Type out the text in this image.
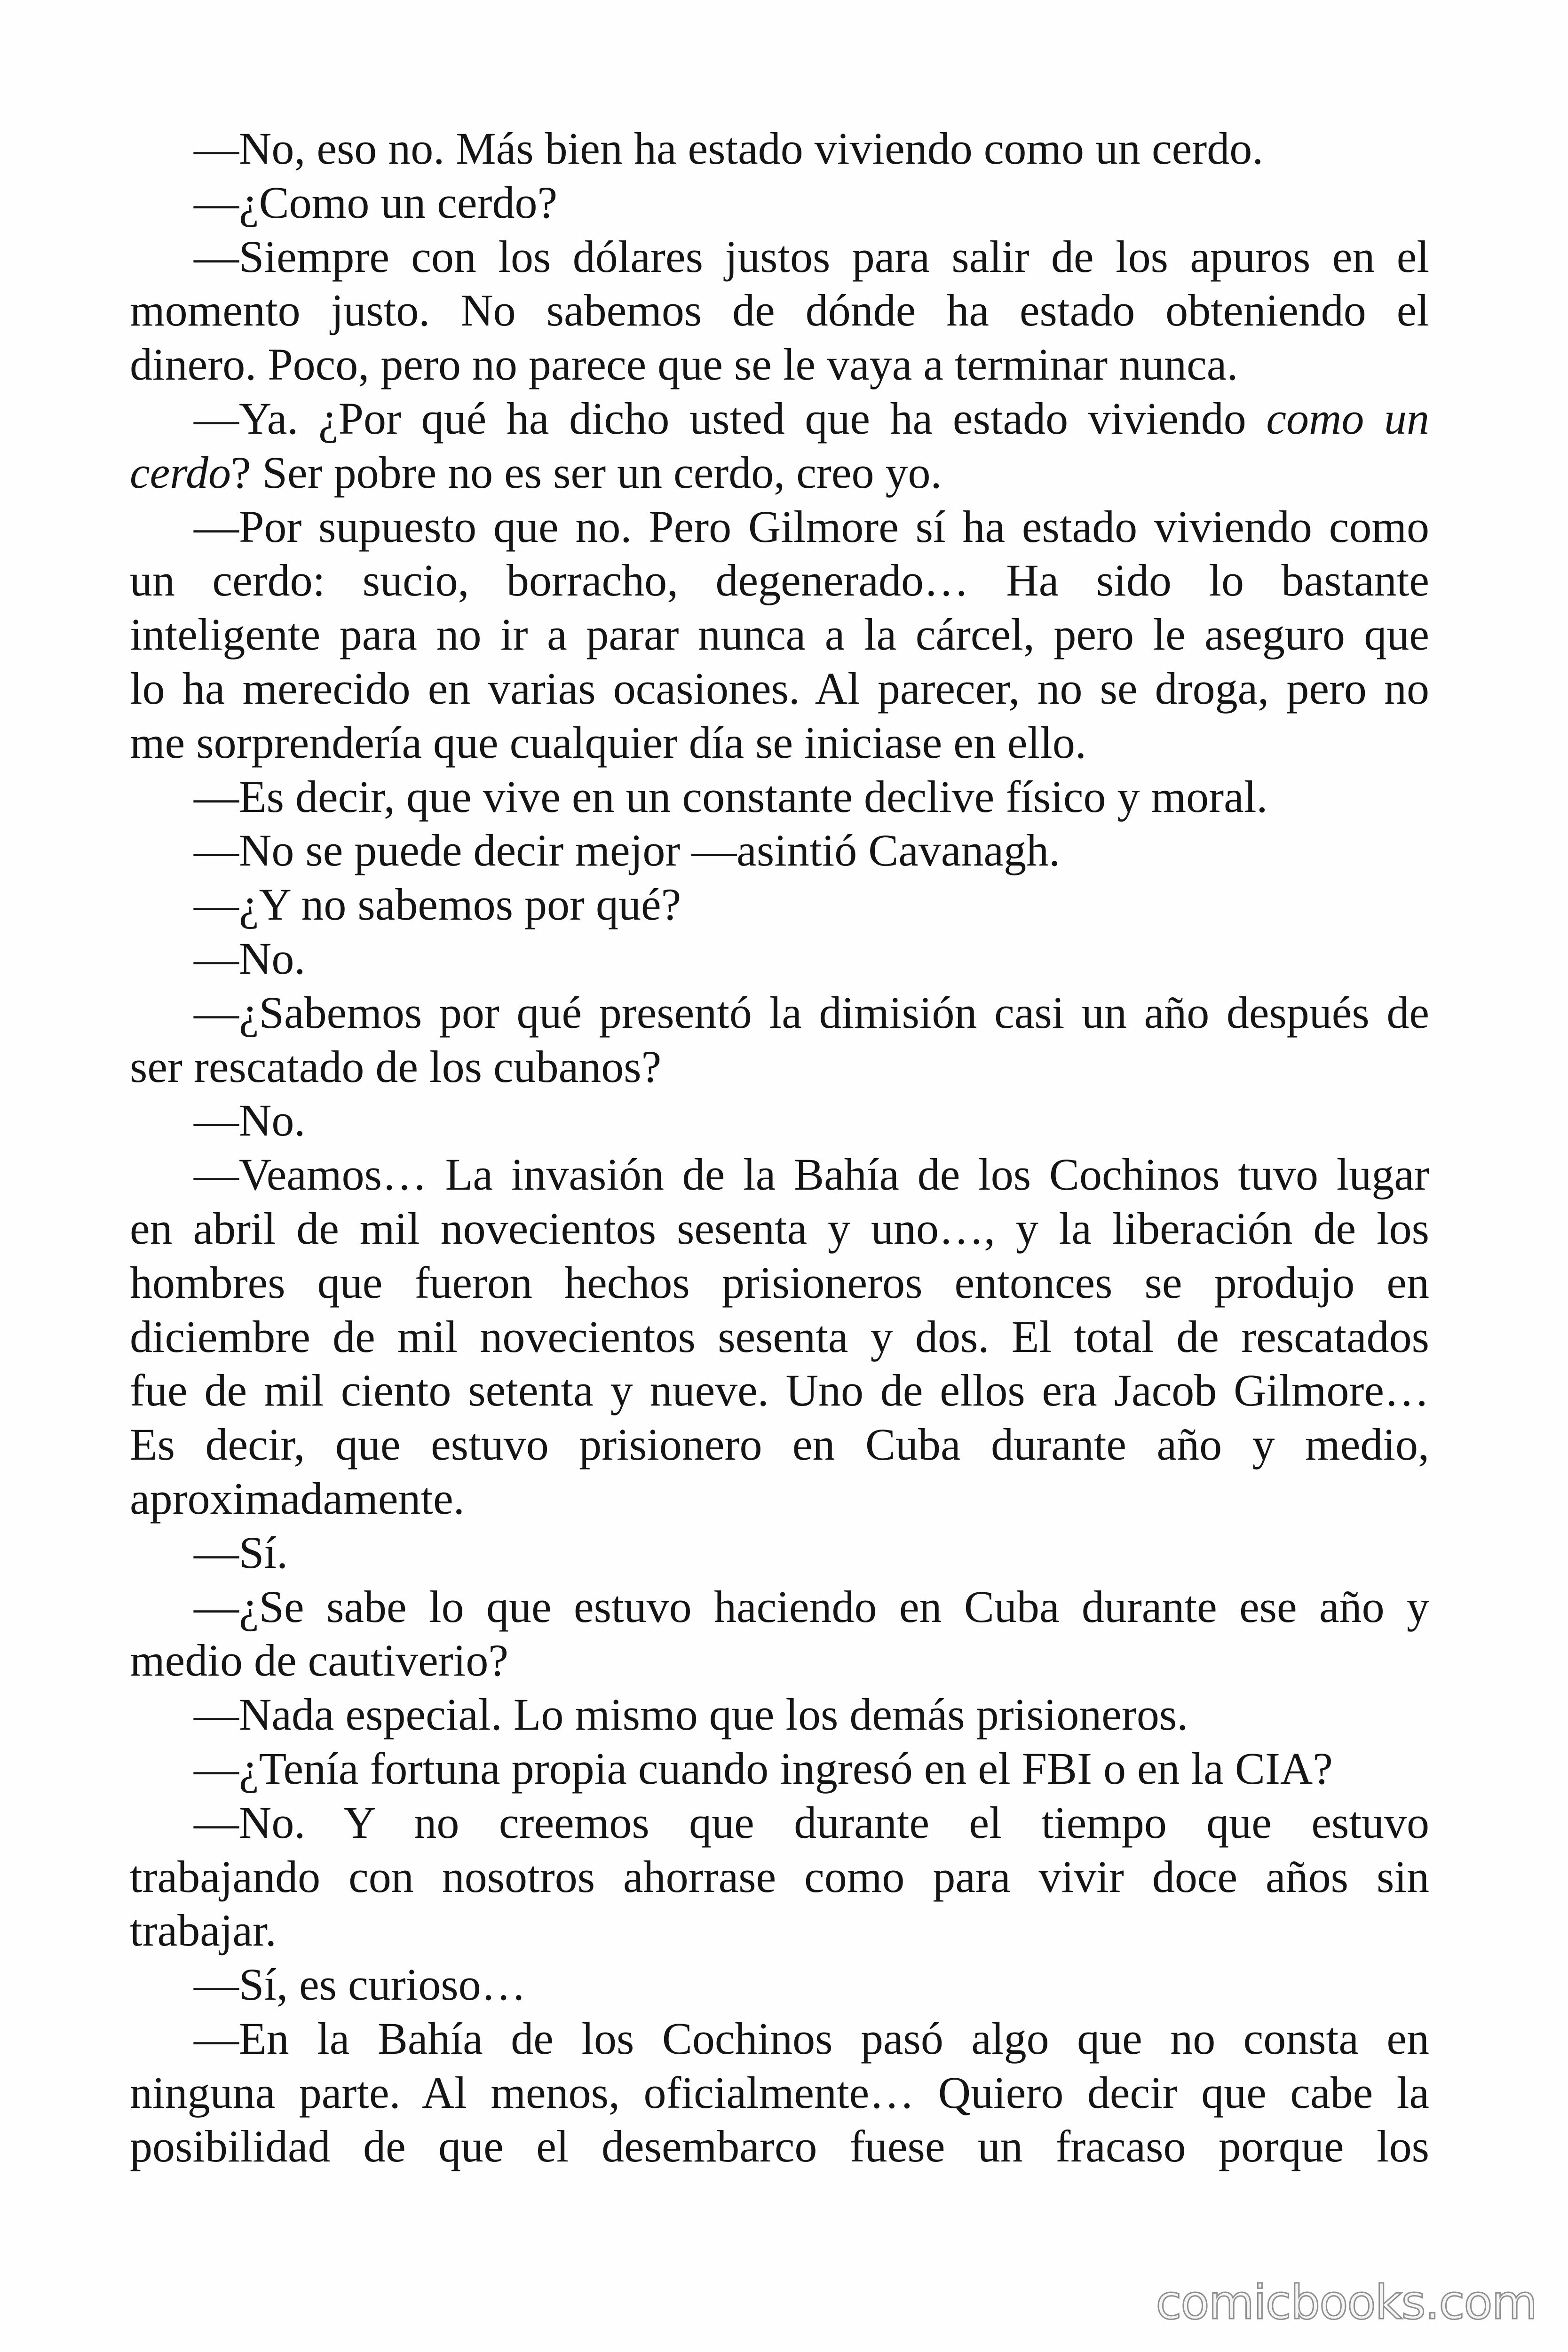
—No, eso no. Más bien ha estado viviendo como un cerdo.
—¿Como un cerdo?
—Siempre con los dólares justos para salir de los apuros en el
momento justo. No sabemos de dónde ha estado obteniendo el
dinero. Poco, pero no parece que se le vaya a terminar nunca.
—Ya. ¿Por qué ha dicho usted que ha estado viviendo como un
cerdo? Ser pobre no es ser un cerdo, creo yo.
—Por supuesto que no. Pero Gilmore sí ha estado viviendo como
un cerdo: sucio, borracho, degenerado… Ha sido lo bastante
inteligente para no ir a parar nunca a la cárcel, pero le aseguro que
lo ha merecido en varias ocasiones. Al parecer, no se droga, pero no
me sorprendería que cualquier día se iniciase en ello.
—Es decir, que vive en un constante declive físico y moral.
—No se puede decir mejor —asintió Cavanagh.
—¿Y no sabemos por qué?
—No.
—¿Sabemos por qué presentó la dimisión casi un año después de
ser rescatado de los cubanos?
—No.
—Veamos… La invasión de la Bahía de los Cochinos tuvo lugar
en abril de mil novecientos sesenta y uno…, y la liberación de los
hombres que fueron hechos prisioneros entonces se produjo en
diciembre de mil novecientos sesenta y dos. El total de rescatados
fue de mil ciento setenta y nueve. Uno de ellos era Jacob Gilmore…
Es decir, que estuvo prisionero en Cuba durante año y medio,
aproximadamente.
—Sí.
—¿Se sabe lo que estuvo haciendo en Cuba durante ese año y
medio de cautiverio?
—Nada especial. Lo mismo que los demás prisioneros.
—¿Tenía fortuna propia cuando ingresó en el FBI o en la CIA?
—No. Y no creemos que durante el tiempo que estuvo
trabajando con nosotros ahorrase como para vivir doce años sin
trabajar.
—Sí, es curioso…
—En la Bahía de los Cochinos pasó algo que no consta en
ninguna parte. Al menos, oficialmente… Quiero decir que cabe la
posibilidad de que el desembarco fuese un fracaso porque los
comicbooks.com
